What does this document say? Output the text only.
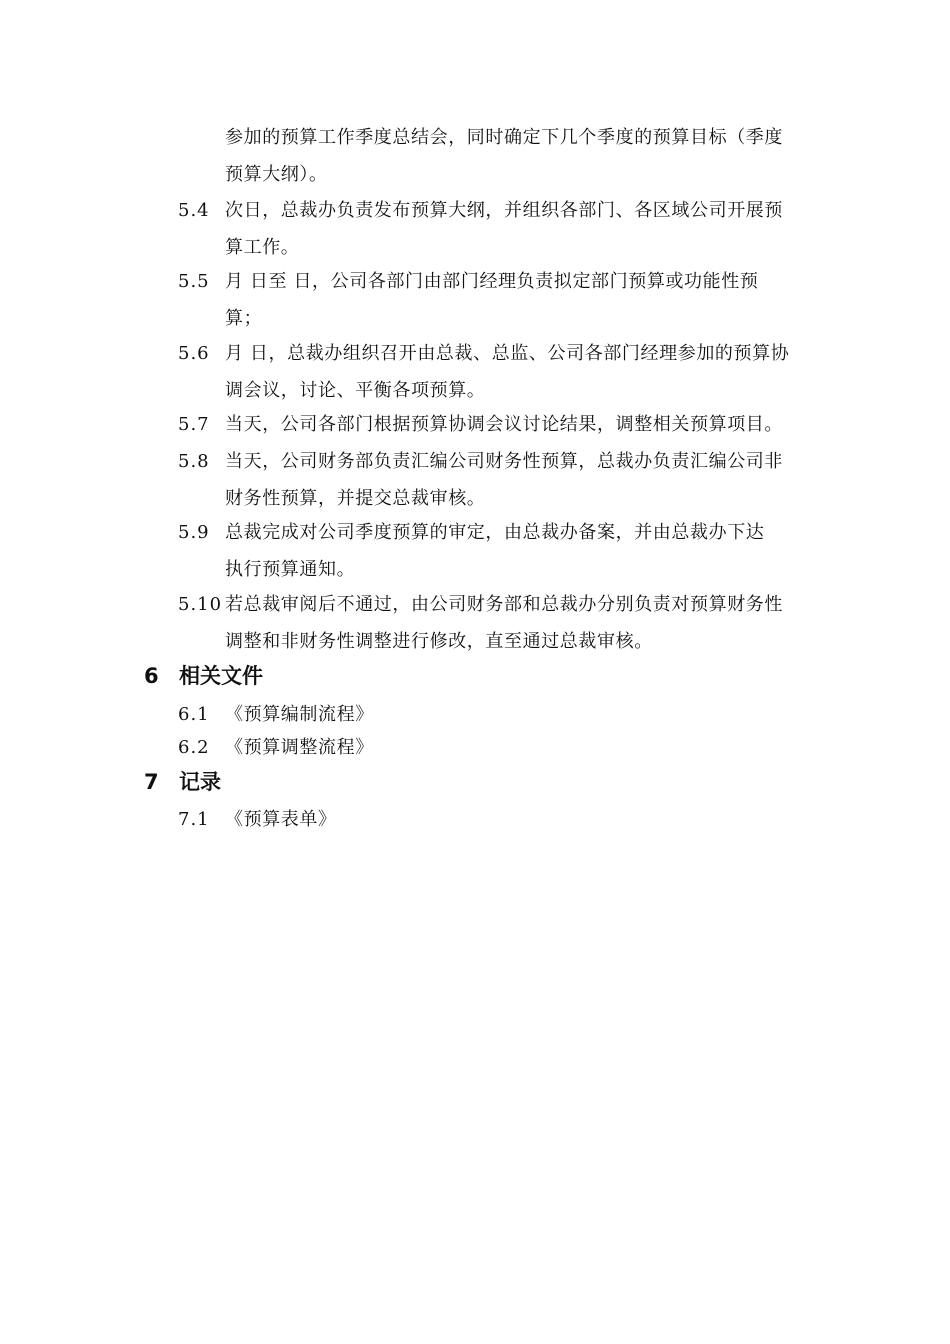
参加的预算工作季度总结会，同时确定下几个季度的预算目标（季度
预算大纲）。
5.4 次日，总裁办负责发布预算大纲，并组织各部门、各区域公司开展预
算工作。
5.5 月 日至 日，公司各部门由部门经理负责拟定部门预算或功能性预
算；
5.6 月 日，总裁办组织召开由总裁、总监、公司各部门经理参加的预算协
调会议，讨论、平衡各项预算。
5.7 当天，公司各部门根据预算协调会议讨论结果，调整相关预算项目。
5.8 当天，公司财务部负责汇编公司财务性预算，总裁办负责汇编公司非
财务性预算，并提交总裁审核。
5.9 总裁完成对公司季度预算的审定，由总裁办备案，并由总裁办下达
执行预算通知。
5.10 若总裁审阅后不通过，由公司财务部和总裁办分别负责对预算财务性
调整和非财务性调整进行修改，直至通过总裁审核。
6 相关文件
6.1 《预算编制流程》
6.2 《预算调整流程》
7 记录
7.1 《预算表单》
